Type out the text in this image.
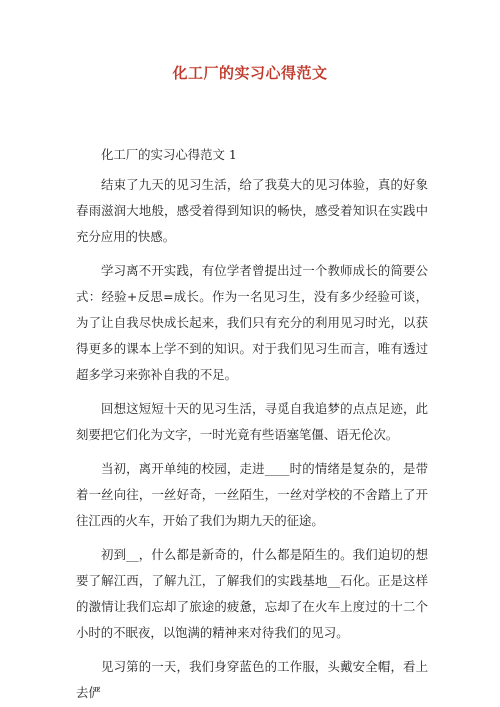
化工厂的实习心得范文

化工厂的实习心得范文 1

结束了九天的见习生活，给了我莫大的见习体验，真的好象春雨滋润大地般，感受着得到知识的畅快，感受着知识在实践中充分应用的快感。

学习离不开实践，有位学者曾提出过一个教师成长的简要公式：经验+反思=成长。作为一名见习生，没有多少经验可谈，为了让自我尽快成长起来，我们只有充分的利用见习时光，以获得更多的课本上学不到的知识。对于我们见习生而言，唯有透过超多学习来弥补自我的不足。

回想这短短十天的见习生活，寻觅自我追梦的点点足迹，此刻要把它们化为文字，一时光竟有些语塞笔僵、语无伦次。

当初，离开单纯的校园，走进____时的情绪是复杂的，是带着一丝向往，一丝好奇，一丝陌生，一丝对学校的不舍踏上了开往江西的火车，开始了我们为期九天的征途。

初到__，什么都是新奇的，什么都是陌生的。我们迫切的想要了解江西，了解九江，了解我们的实践基地__石化。正是这样的激情让我们忘却了旅途的疲惫，忘却了在火车上度过的十二个小时的不眠夜，以饱满的精神来对待我们的见习。

见习第的一天，我们身穿蓝色的工作服，头戴安全帽，看上去俨
